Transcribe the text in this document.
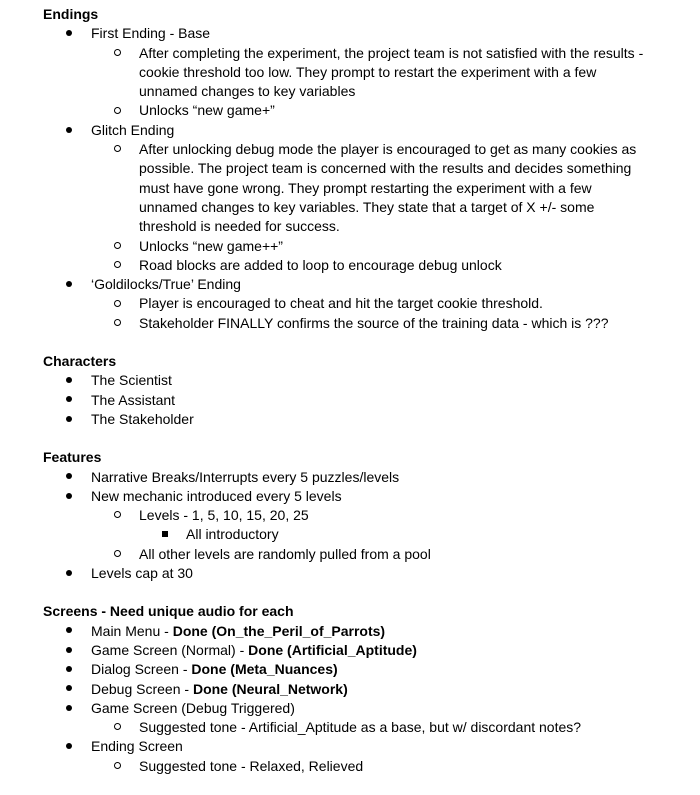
Endings
First Ending - Base
After completing the experiment, the project team is not satisfied with the results - cookie threshold too low. They prompt to restart the experiment with a few unnamed changes to key variables
Unlocks “new game+”
Glitch Ending
After unlocking debug mode the player is encouraged to get as many cookies as possible. The project team is concerned with the results and decides something must have gone wrong. They prompt restarting the experiment with a few unnamed changes to key variables. They state that a target of X +/- some threshold is needed for success.
Unlocks “new game++”
Road blocks are added to loop to encourage debug unlock
‘Goldilocks/True’ Ending
Player is encouraged to cheat and hit the target cookie threshold.
Stakeholder FINALLY confirms the source of the training data - which is ???
Characters
The Scientist
The Assistant
The Stakeholder
Features
Narrative Breaks/Interrupts every 5 puzzles/levels
New mechanic introduced every 5 levels
Levels - 1, 5, 10, 15, 20, 25
All introductory
All other levels are randomly pulled from a pool
Levels cap at 30
Screens - Need unique audio for each
Main Menu - Done (On_the_Peril_of_Parrots)
Game Screen (Normal) - Done (Artificial_Aptitude)
Dialog Screen - Done (Meta_Nuances)
Debug Screen - Done (Neural_Network)
Game Screen (Debug Triggered)
Suggested tone - Artificial_Aptitude as a base, but w/ discordant notes?
Ending Screen
Suggested tone - Relaxed, Relieved
